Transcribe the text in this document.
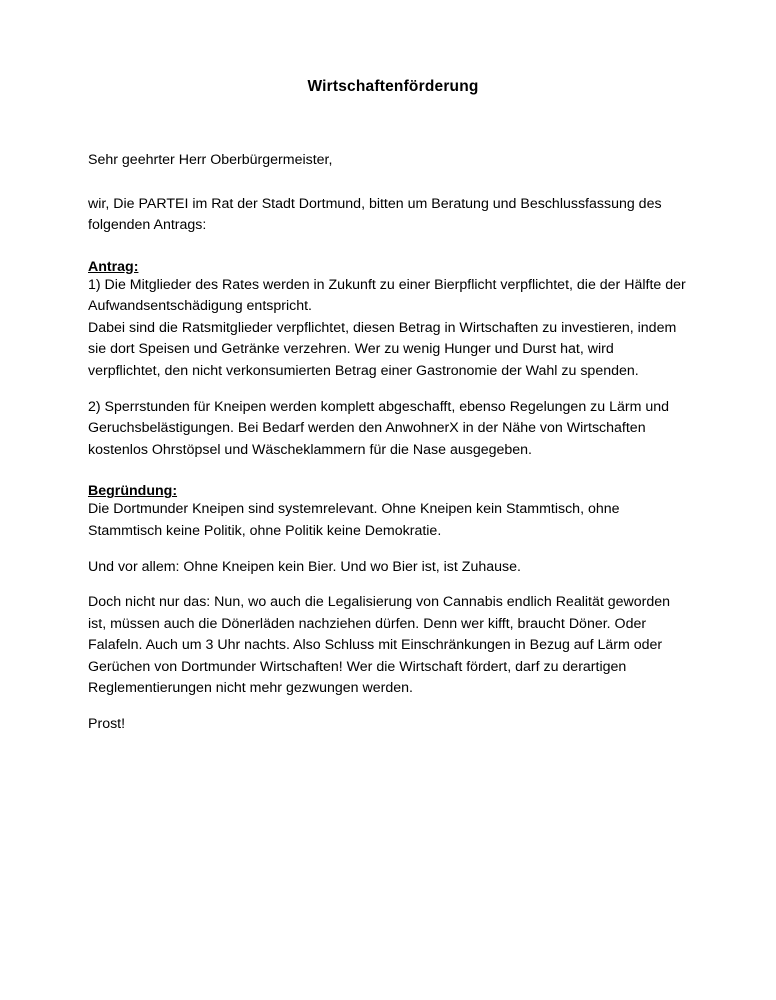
Wirtschaftenförderung

Sehr geehrter Herr Oberbürgermeister,

wir, Die PARTEI im Rat der Stadt Dortmund, bitten um Beratung und Beschlussfassung des folgenden Antrags:

Antrag:

1) Die Mitglieder des Rates werden in Zukunft zu einer Bierpflicht verpflichtet, die der Hälfte der Aufwandsentschädigung entspricht.

Dabei sind die Ratsmitglieder verpflichtet, diesen Betrag in Wirtschaften zu investieren, indem sie dort Speisen und Getränke verzehren. Wer zu wenig Hunger und Durst hat, wird verpflichtet, den nicht verkonsumierten Betrag einer Gastronomie der Wahl zu spenden.

2) Sperrstunden für Kneipen werden komplett abgeschafft, ebenso Regelungen zu Lärm und Geruchsbelästigungen. Bei Bedarf werden den AnwohnerX in der Nähe von Wirtschaften kostenlos Ohrstöpsel und Wäscheklammern für die Nase ausgegeben.

Begründung:

Die Dortmunder Kneipen sind systemrelevant. Ohne Kneipen kein Stammtisch, ohne Stammtisch keine Politik, ohne Politik keine Demokratie.

Und vor allem: Ohne Kneipen kein Bier. Und wo Bier ist, ist Zuhause.

Doch nicht nur das: Nun, wo auch die Legalisierung von Cannabis endlich Realität geworden ist, müssen auch die Dönerläden nachziehen dürfen. Denn wer kifft, braucht Döner. Oder Falafeln. Auch um 3 Uhr nachts. Also Schluss mit Einschränkungen in Bezug auf Lärm oder Gerüchen von Dortmunder Wirtschaften! Wer die Wirtschaft fördert, darf zu derartigen Reglementierungen nicht mehr gezwungen werden.

Prost!
